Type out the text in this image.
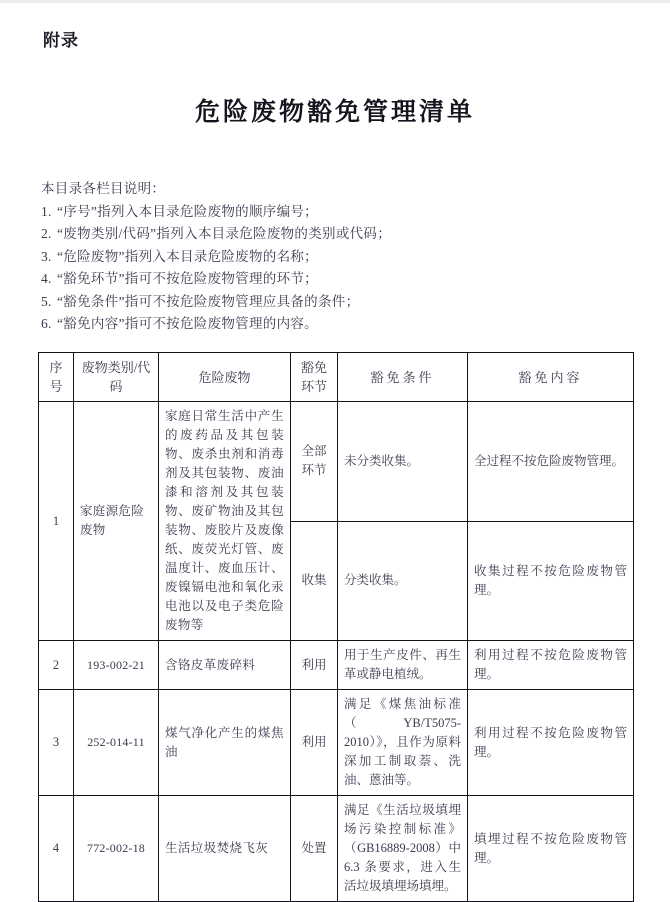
附录
危险废物豁免管理清单
本目录各栏目说明：
1. “序号”指列入本目录危险废物的顺序编号；
2. “废物类别/代码”指列入本目录危险废物的类别或代码；
3. “危险废物”指列入本目录危险废物的名称；
4. “豁免环节”指可不按危险废物管理的环节；
5. “豁免条件”指可不按危险废物管理应具备的条件；
6. “豁免内容”指可不按危险废物管理的内容。
序号	废物类别/代码	危险废物	豁免环节	豁免条件	豁免内容
1	家庭源危险废物	家庭日常生活中产生的废药品及其包装物、废杀虫剂和消毒剂及其包装物、废油漆和溶剂及其包装物、废矿物油及其包装物、废胶片及废像纸、废荧光灯管、废温度计、废血压计、废镍镉电池和氧化汞电池以及电子类危险废物等	全部环节	未分类收集。	全过程不按危险废物管理。
			收集	分类收集。	收集过程不按危险废物管理。
2	193-002-21	含铬皮革废碎料	利用	用于生产皮件、再生革或静电植绒。	利用过程不按危险废物管理。
3	252-014-11	煤气净化产生的煤焦油	利用	满足《煤焦油标准（YB/T5075-2010）》，且作为原料深加工制取萘、洗油、蒽油等。	利用过程不按危险废物管理。
4	772-002-18	生活垃圾焚烧飞灰	处置	满足《生活垃圾填埋场污染控制标准》（GB16889-2008）中6.3 条要求，进入生活垃圾填埋场填埋。	填埋过程不按危险废物管理。
